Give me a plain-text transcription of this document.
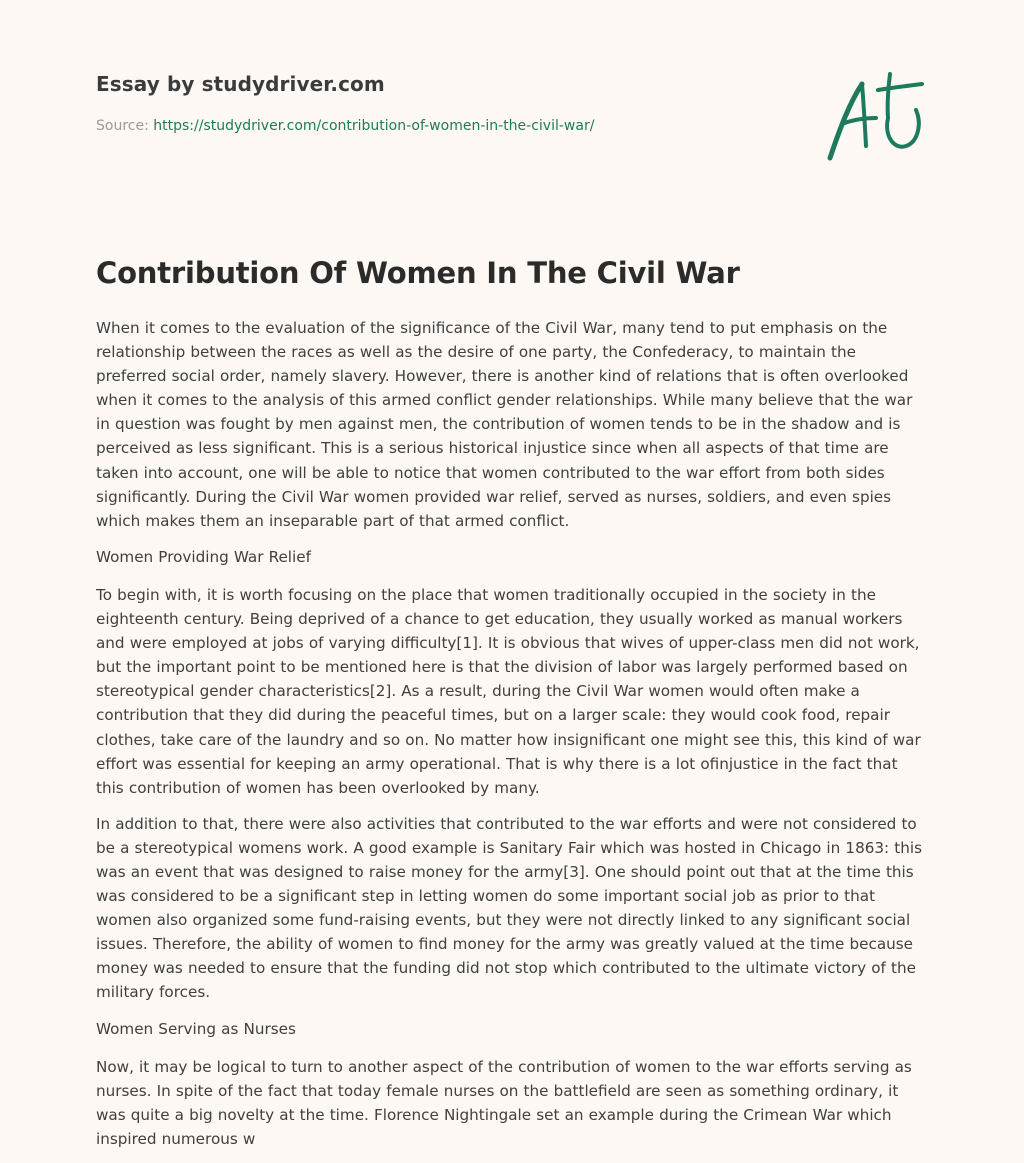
Essay by studydriver.com
Source: https://studydriver.com/contribution-of-women-in-the-civil-war/
Contribution Of Women In The Civil War

When it comes to the evaluation of the significance of the Civil War, many tend to put emphasis on the relationship between the races as well as the desire of one party, the Confederacy, to maintain the preferred social order, namely slavery. However, there is another kind of relations that is often overlooked when it comes to the analysis of this armed conflict gender relationships. While many believe that the war in question was fought by men against men, the contribution of women tends to be in the shadow and is perceived as less significant. This is a serious historical injustice since when all aspects of that time are taken into account, one will be able to notice that women contributed to the war effort from both sides significantly. During the Civil War women provided war relief, served as nurses, soldiers, and even spies which makes them an inseparable part of that armed conflict.

Women Providing War Relief

To begin with, it is worth focusing on the place that women traditionally occupied in the society in the eighteenth century. Being deprived of a chance to get education, they usually worked as manual workers and were employed at jobs of varying difficulty[1]. It is obvious that wives of upper-class men did not work, but the important point to be mentioned here is that the division of labor was largely performed based on stereotypical gender characteristics[2]. As a result, during the Civil War women would often make a contribution that they did during the peaceful times, but on a larger scale: they would cook food, repair clothes, take care of the laundry and so on. No matter how insignificant one might see this, this kind of war effort was essential for keeping an army operational. That is why there is a lot ofinjustice in the fact that this contribution of women has been overlooked by many.

In addition to that, there were also activities that contributed to the war efforts and were not considered to be a stereotypical womens work. A good example is Sanitary Fair which was hosted in Chicago in 1863: this was an event that was designed to raise money for the army[3]. One should point out that at the time this was considered to be a significant step in letting women do some important social job as prior to that women also organized some fund-raising events, but they were not directly linked to any significant social issues. Therefore, the ability of women to find money for the army was greatly valued at the time because money was needed to ensure that the funding did not stop which contributed to the ultimate victory of the military forces.

Women Serving as Nurses

Now, it may be logical to turn to another aspect of the contribution of women to the war efforts serving as nurses. In spite of the fact that today female nurses on the battlefield are seen as something ordinary, it was quite a big novelty at the time. Florence Nightingale set an example during the Crimean War which inspired numerous w
